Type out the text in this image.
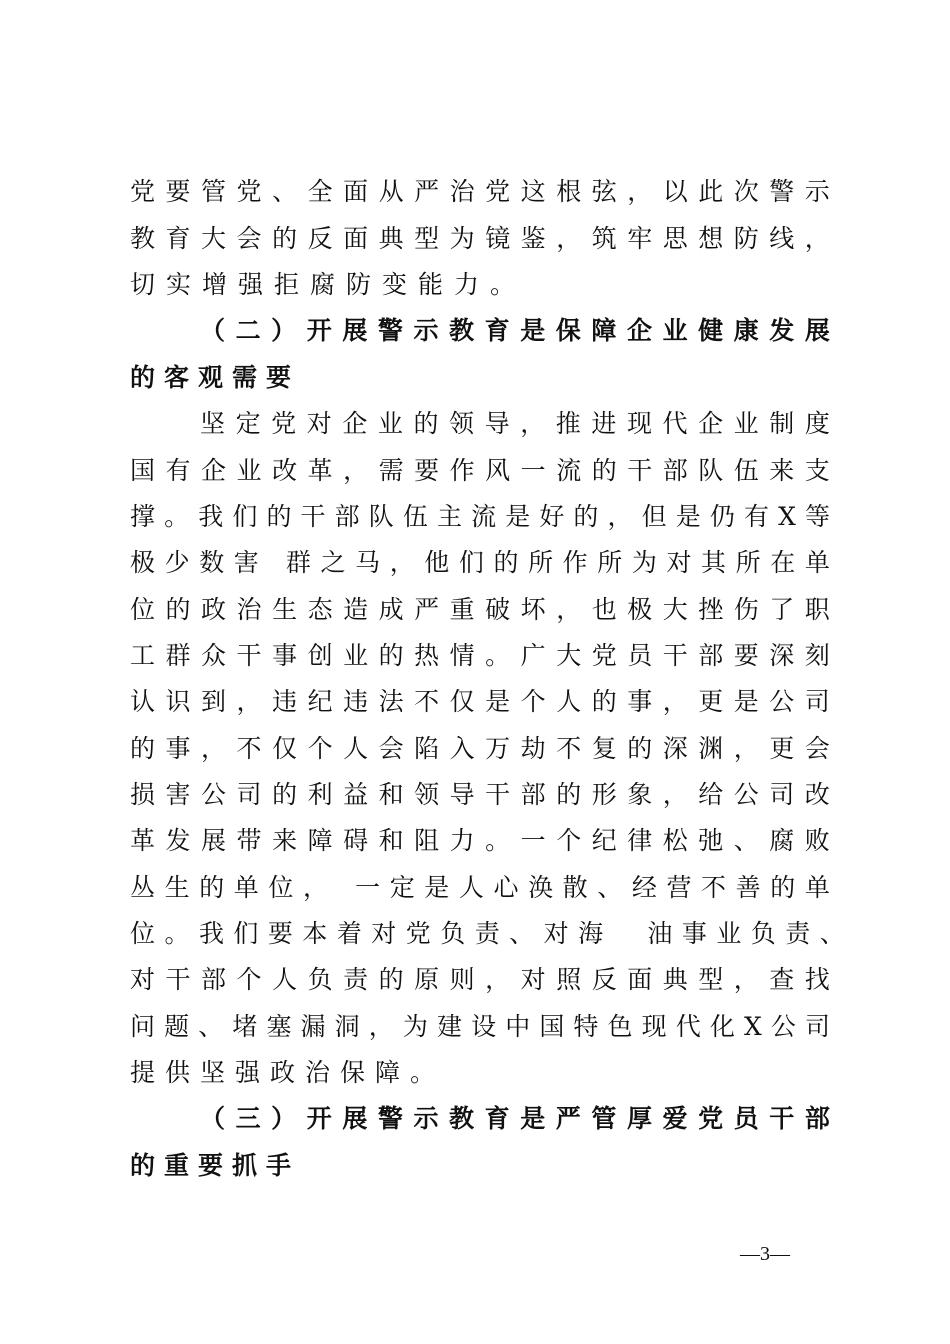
党 要 管 党 、 全 面 从 严 治 党 这 根 弦 ， 以 此 次 警 示
教 育 大 会 的 反 面 典 型 为 镜 鉴 ， 筑 牢 思 想 防 线 ，
切实增强拒腐防变能力。
（ 二 ） 开 展 警 示 教 育 是 保 障 企 业 健 康 发 展
的客观需要
坚 定 党 对 企 业 的 领 导 ， 推 进 现 代 企 业 制 度
国 有 企 业 改 革 ， 需 要 作 风 一 流 的 干 部 队 伍 来 支
撑 。 我 们 的 干 部 队 伍 主 流 是 好 的 ， 但 是 仍 有 X 等
极 少 数 害
群 之 马 ， 他 们 的 所 作 所 为 对 其 所 在 单
位 的 政 治 生 态 造 成 严 重 破 坏 ， 也 极 大 挫 伤 了 职
工 群 众 干 事 创 业 的 热 情 。 广 大 党 员 干 部 要 深 刻
认 识 到 ， 违 纪 违 法 不 仅 是 个 人 的 事 ， 更 是 公 司
的 事 ， 不 仅 个 人 会 陷 入 万 劫 不 复 的 深 渊 ， 更 会
损 害 公 司 的 利 益 和 领 导 干 部 的 形 象 ， 给 公 司 改
革 发 展 带 来 障 碍 和 阻 力 。 一 个 纪 律 松 弛 、 腐 败
丛 生 的 单 位 ，
一 定 是 人 心 涣 散 、 经 营 不 善 的 单
位 。 我 们 要 本 着 对 党 负 责 、 对 海

油 事 业 负 责 、
对 干 部 个 人 负 责 的 原 则 ， 对 照 反 面 典 型 ， 查 找
问 题 、 堵 塞 漏 洞 ， 为 建 设 中 国 特 色 现 代 化 X 公 司
提供坚强政治保障。
（ 三 ） 开 展 警 示 教 育 是 严 管 厚 爱 党 员 干 部
的重要抓手
—3—
